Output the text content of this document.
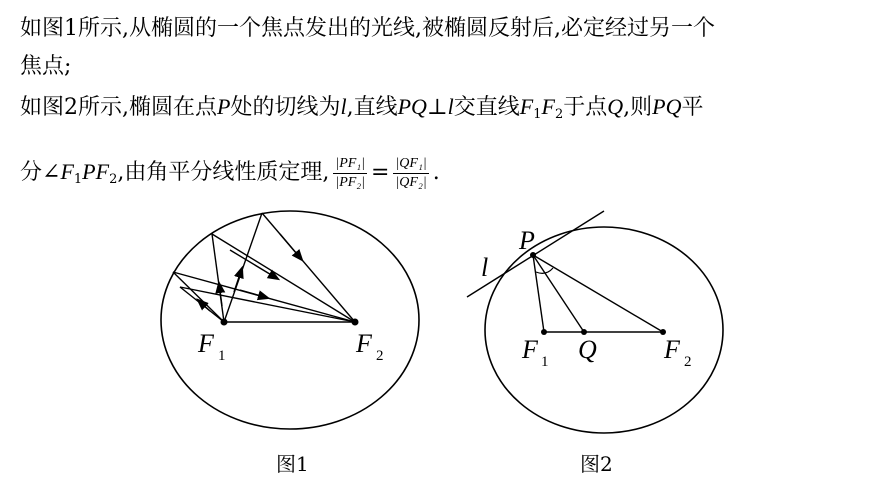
如图1所示,从椭圆的一个焦点发出的光线,被椭圆反射后,必定经过另一个
焦点;
如图2所示,椭圆在点P处的切线为l,直线PQ⊥l交直线$F_1F_2$于点Q,则PQ平
分$\angle F_1PF_2$,由角平分线性质定理, $\frac{\text{|PF₁|}}{\text{|PF₂|}} = \frac{\text{|QF₁|}}{\text{|QF₂|}}$ .
F 1	F 2
P
l
F 1 Q	F 2
图1	图2
